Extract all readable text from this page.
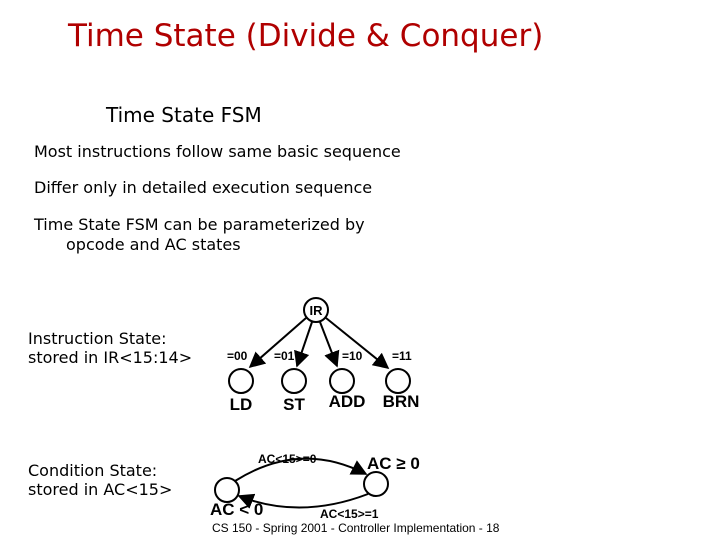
Time State (Divide & Conquer)
Time State FSM
Most instructions follow same basic sequence
Differ only in detailed execution sequence
Time State FSM can be parameterized by
opcode and AC states
Instruction State:
stored in IR<15:14>
Condition State:
stored in AC<15>
IR
=00 =01	=10 =11
LD ST ADD BRN
AC<15>=0
AC<15>=1
AC < 0
AC ≥ 0
CS 150 - Spring 2001 - Controller Implementation - 18
